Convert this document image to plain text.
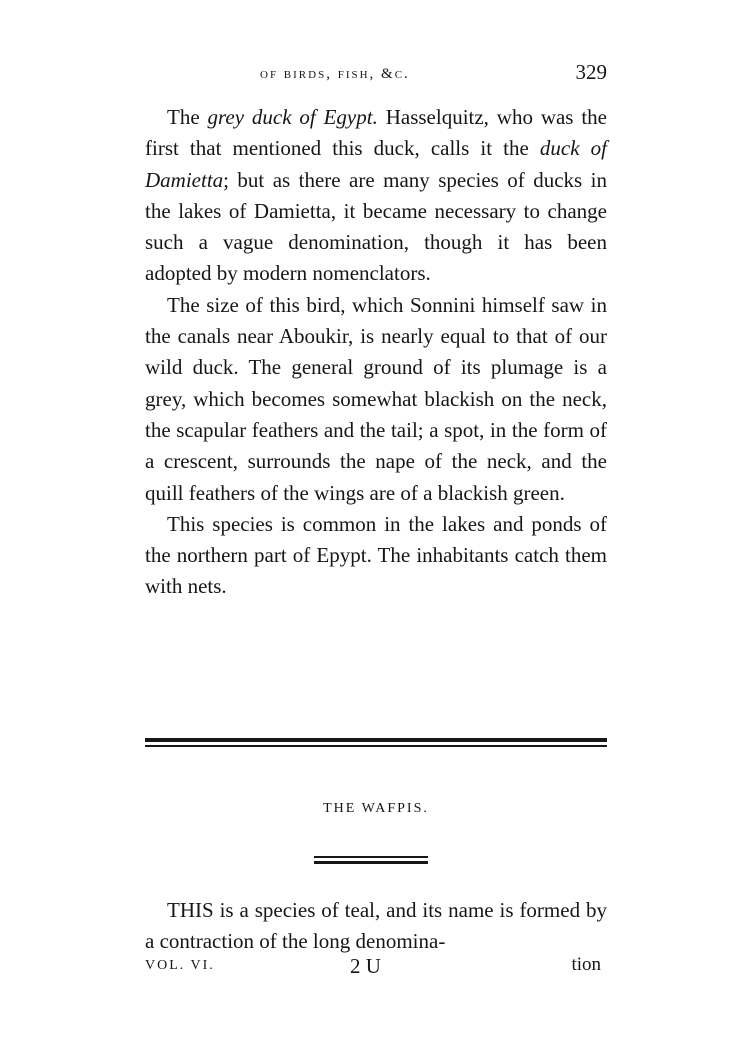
of birds, fish, &c.	329

The grey duck of Egypt. Hasselquitz, who was the first that mentioned this duck, calls it the duck of Damietta; but as there are many species of ducks in the lakes of Damietta, it became necessary to change such a vague denomination, though it has been adopted by modern nomenclators.

The size of this bird, which Sonnini himself saw in the canals near Aboukir, is nearly equal to that of our wild duck. The general ground of its plumage is a grey, which becomes somewhat blackish on the neck, the scapular feathers and the tail; a spot, in the form of a crescent, surrounds the nape of the neck, and the quill feathers of the wings are of a blackish green.

This species is common in the lakes and ponds of the northern part of Epypt. The inhabitants catch them with nets.

THE WAFPIS.

THIS is a species of teal, and its name is formed by a contraction of the long denomina-

VOL. VI.	2 U	tion
